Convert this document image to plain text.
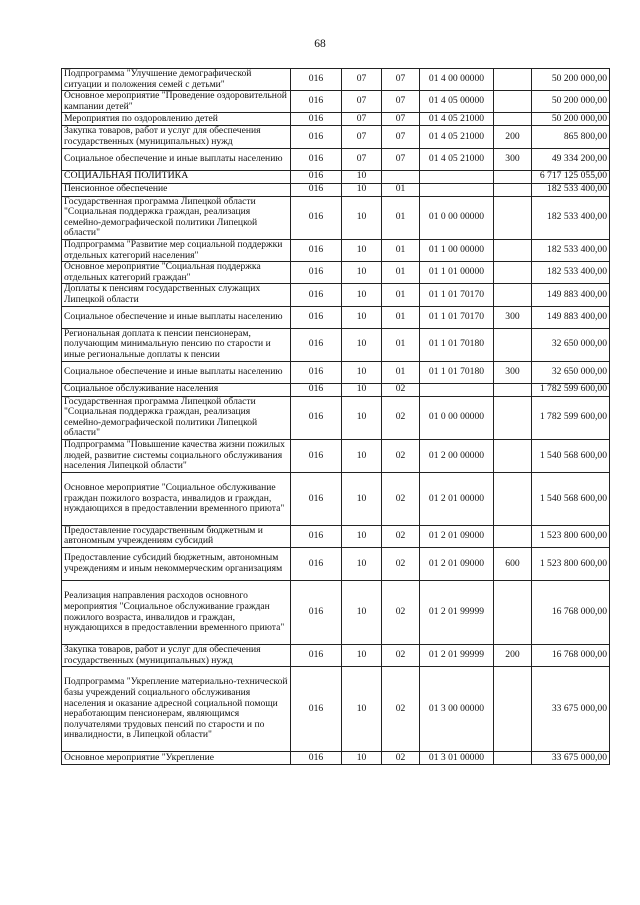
68
Подпрограмма "Улучшение демографической ситуации и положения семей с детьми"	016	07	07	01 4 00 00000		50 200 000,00
Основное мероприятие "Проведение оздоровительной кампании детей"	016	07	07	01 4 05 00000		50 200 000,00
Мероприятия по оздоровлению детей	016	07	07	01 4 05 21000		50 200 000,00
Закупка товаров, работ и услуг для обеспечения государственных (муниципальных) нужд	016	07	07	01 4 05 21000	200	865 800,00
Социальное обеспечение и иные выплаты населению	016	07	07	01 4 05 21000	300	49 334 200,00
СОЦИАЛЬНАЯ ПОЛИТИКА	016	10				6 717 125 055,00
Пенсионное обеспечение	016	10	01			182 533 400,00
Государственная программа Липецкой области "Социальная поддержка граждан, реализация семейно-демографической политики Липецкой области"	016	10	01	01 0 00 00000		182 533 400,00
Подпрограмма "Развитие мер социальной поддержки отдельных категорий населения"	016	10	01	01 1 00 00000		182 533 400,00
Основное мероприятие "Социальная поддержка отдельных категорий граждан"	016	10	01	01 1 01 00000		182 533 400,00
Доплаты к пенсиям государственных служащих Липецкой области	016	10	01	01 1 01 70170		149 883 400,00
Социальное обеспечение и иные выплаты населению	016	10	01	01 1 01 70170	300	149 883 400,00
Региональная доплата к пенсии пенсионерам, получающим минимальную пенсию по старости и иные региональные доплаты к пенсии	016	10	01	01 1 01 70180		32 650 000,00
Социальное обеспечение и иные выплаты населению	016	10	01	01 1 01 70180	300	32 650 000,00
Социальное обслуживание населения	016	10	02			1 782 599 600,00
Государственная программа Липецкой области "Социальная поддержка граждан, реализация семейно-демографической политики Липецкой области"	016	10	02	01 0 00 00000		1 782 599 600,00
Подпрограмма "Повышение качества жизни пожилых людей, развитие системы социального обслуживания населения Липецкой области"	016	10	02	01 2 00 00000		1 540 568 600,00
Основное мероприятие "Социальное обслуживание граждан пожилого возраста, инвалидов и граждан, нуждающихся в предоставлении временного приюта"	016	10	02	01 2 01 00000		1 540 568 600,00
Предоставление государственным бюджетным и автономным учреждениям субсидий	016	10	02	01 2 01 09000		1 523 800 600,00
Предоставление субсидий бюджетным, автономным учреждениям и иным некоммерческим организациям	016	10	02	01 2 01 09000	600	1 523 800 600,00
Реализация направления расходов основного мероприятия "Социальное обслуживание граждан пожилого возраста, инвалидов и граждан, нуждающихся в предоставлении временного приюта"	016	10	02	01 2 01 99999		16 768 000,00
Закупка товаров, работ и услуг для обеспечения государственных (муниципальных) нужд	016	10	02	01 2 01 99999	200	16 768 000,00
Подпрограмма "Укрепление материально-технической базы учреждений социального обслуживания населения и оказание адресной социальной помощи неработающим пенсионерам, являющимся получателями трудовых пенсий по старости и по инвалидности, в Липецкой области"	016	10	02	01 3 00 00000		33 675 000,00
Основное мероприятие "Укрепление	016	10	02	01 3 01 00000		33 675 000,00
